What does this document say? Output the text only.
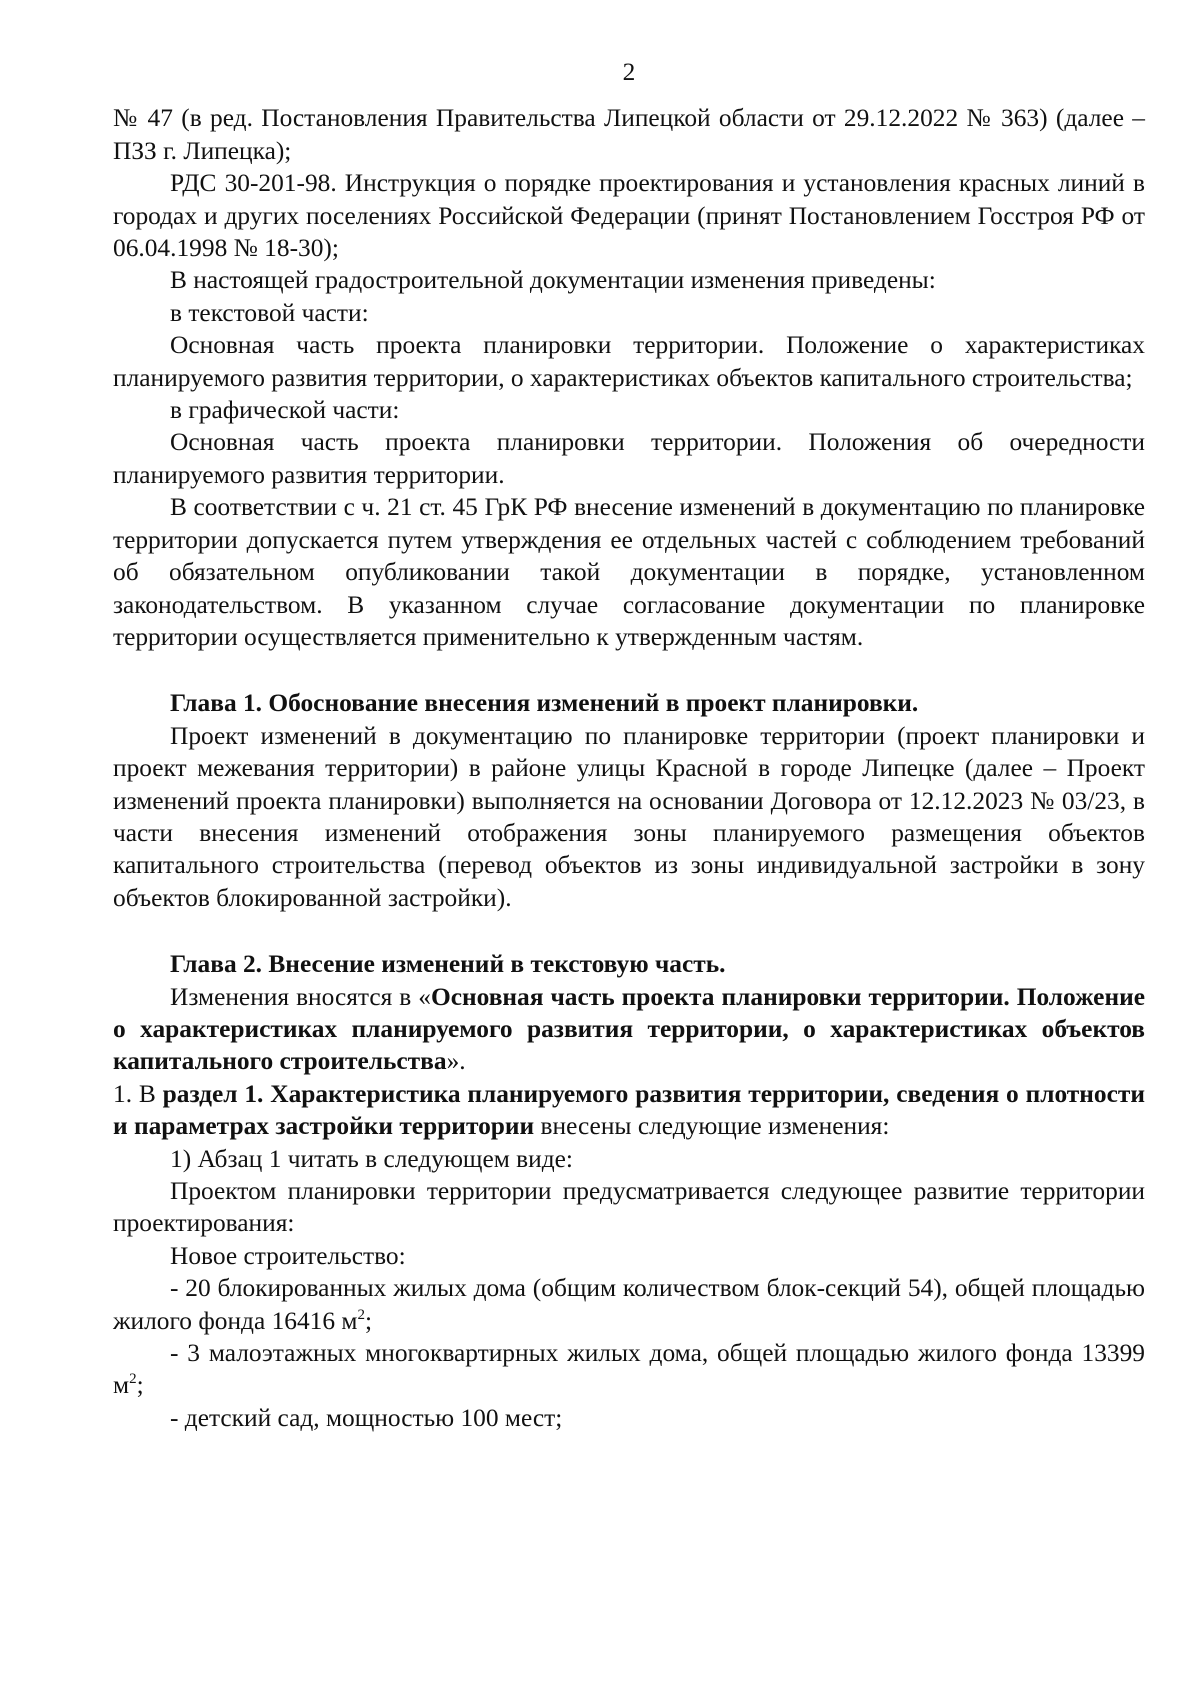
2

№ 47 (в ред. Постановления Правительства Липецкой области от 29.12.2022 № 363) (далее – ПЗЗ г. Липецка);

РДС 30-201-98. Инструкция о порядке проектирования и установления красных линий в городах и других поселениях Российской Федерации (принят Постановлением Госстроя РФ от 06.04.1998 № 18-30);

В настоящей градостроительной документации изменения приведены:

в текстовой части:

Основная часть проекта планировки территории. Положение о характеристиках планируемого развития территории, о характеристиках объектов капитального строительства;

в графической части:

Основная часть проекта планировки территории. Положения об очередности планируемого развития территории.

В соответствии с ч. 21 ст. 45 ГрК РФ внесение изменений в документацию по планировке территории допускается путем утверждения ее отдельных частей с соблюдением требований об обязательном опубликовании такой документации в порядке, установленном законодательством. В указанном случае согласование документации по планировке территории осуществляется применительно к утвержденным частям.

Глава 1. Обоснование внесения изменений в проект планировки.

Проект изменений в документацию по планировке территории (проект планировки и проект межевания территории) в районе улицы Красной в городе Липецке (далее – Проект изменений проекта планировки) выполняется на основании Договора от 12.12.2023 № 03/23, в части внесения изменений отображения зоны планируемого размещения объектов капитального строительства (перевод объектов из зоны индивидуальной застройки в зону объектов блокированной застройки).

Глава 2. Внесение изменений в текстовую часть.

Изменения вносятся в «Основная часть проекта планировки территории. Положение о характеристиках планируемого развития территории, о характеристиках объектов капитального строительства».

1. В раздел 1. Характеристика планируемого развития территории, сведения о плотности и параметрах застройки территории внесены следующие изменения:

1) Абзац 1 читать в следующем виде:

Проектом планировки территории предусматривается следующее развитие территории проектирования:

Новое строительство:

- 20 блокированных жилых дома (общим количеством блок-секций 54), общей площадью жилого фонда 16416 $м^2$;

- 3 малоэтажных многоквартирных жилых дома, общей площадью жилого фонда 13399 $м^2$;

- детский сад, мощностью 100 мест;
